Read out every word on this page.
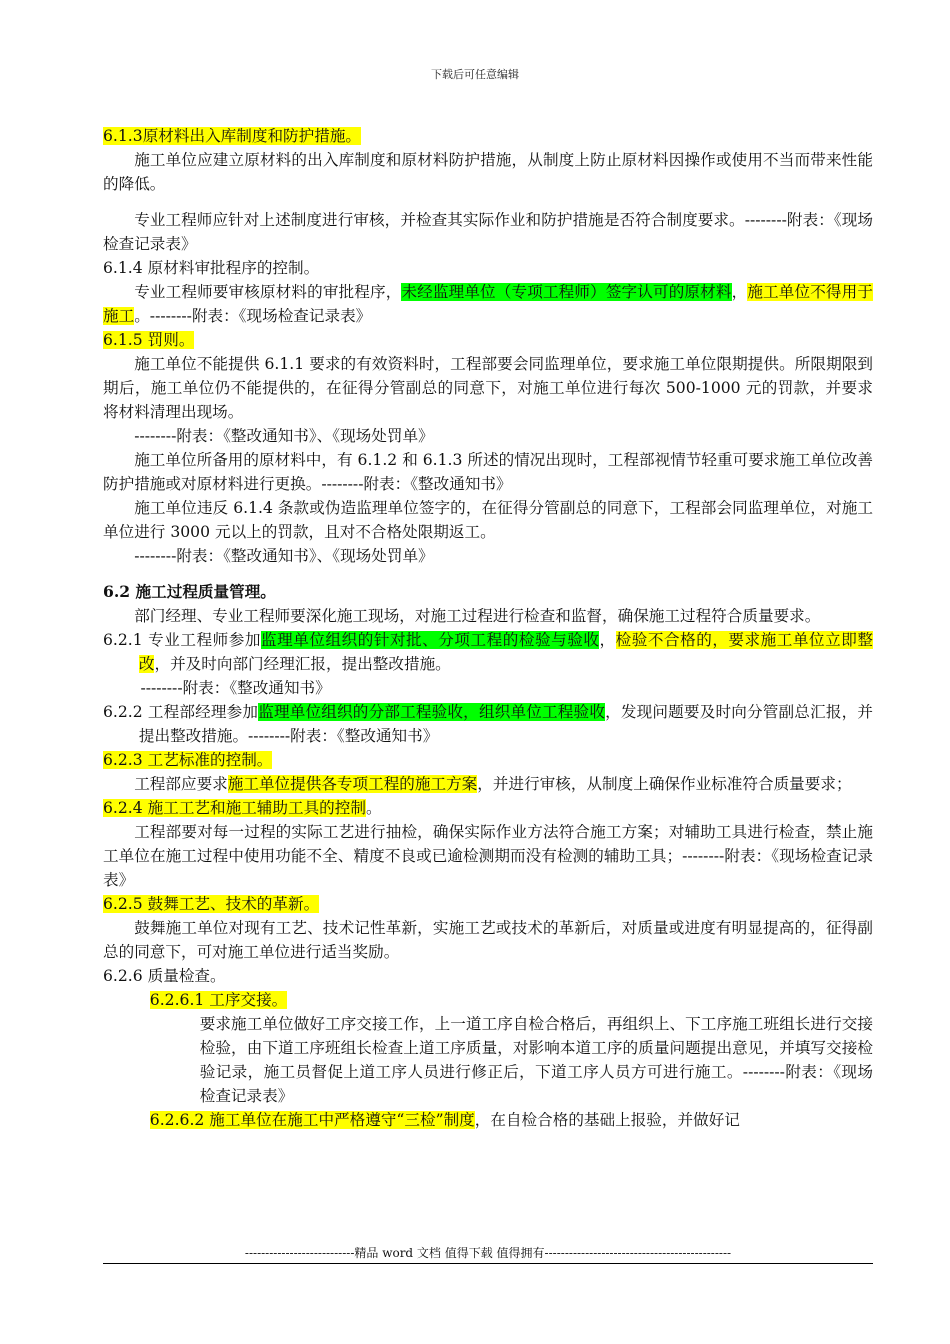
下载后可任意编辑

6.1.3原材料出入库制度和防护措施。

施工单位应建立原材料的出入库制度和原材料防护措施，从制度上防止原材料因操作或使用不当而带来性能的降低。

专业工程师应针对上述制度进行审核，并检查其实际作业和防护措施是否符合制度要求。--------附表：《现场检查记录表》

6.1.4 原材料审批程序的控制。

专业工程师要审核原材料的审批程序，未经监理单位（专项工程师）签字认可的原材料，施工单位不得用于施工。--------附表：《现场检查记录表》

6.1.5 罚则。

施工单位不能提供 6.1.1 要求的有效资料时，工程部要会同监理单位，要求施工单位限期提供。所限期限到期后，施工单位仍不能提供的，在征得分管副总的同意下，对施工单位进行每次 500-1000 元的罚款，并要求将材料清理出现场。

--------附表：《整改通知书》、《现场处罚单》

施工单位所备用的原材料中，有 6.1.2 和 6.1.3 所述的情况出现时，工程部视情节轻重可要求施工单位改善防护措施或对原材料进行更换。--------附表：《整改通知书》

施工单位违反 6.1.4 条款或伪造监理单位签字的，在征得分管副总的同意下，工程部会同监理单位，对施工单位进行 3000 元以上的罚款，且对不合格处限期返工。

--------附表：《整改通知书》、《现场处罚单》

6.2 施工过程质量管理。

部门经理、专业工程师要深化施工现场，对施工过程进行检查和监督，确保施工过程符合质量要求。

6.2.1 专业工程师参加监理单位组织的针对批、分项工程的检验与验收，检验不合格的，要求施工单位立即整改，并及时向部门经理汇报，提出整改措施。

--------附表：《整改通知书》

6.2.2 工程部经理参加监理单位组织的分部工程验收，组织单位工程验收，发现问题要及时向分管副总汇报，并提出整改措施。--------附表：《整改通知书》

6.2.3 工艺标准的控制。

工程部应要求施工单位提供各专项工程的施工方案，并进行审核，从制度上确保作业标准符合质量要求；

6.2.4 施工工艺和施工辅助工具的控制。

工程部要对每一过程的实际工艺进行抽检，确保实际作业方法符合施工方案；对辅助工具进行检查，禁止施工单位在施工过程中使用功能不全、精度不良或已逾检测期而没有检测的辅助工具；--------附表：《现场检查记录表》

6.2.5 鼓舞工艺、技术的革新。

鼓舞施工单位对现有工艺、技术记性革新，实施工艺或技术的革新后，对质量或进度有明显提高的，征得副总的同意下，可对施工单位进行适当奖励。

6.2.6 质量检查。

6.2.6.1 工序交接。

要求施工单位做好工序交接工作，上一道工序自检合格后，再组织上、下工序施工班组长进行交接检验，由下道工序班组长检查上道工序质量，对影响本道工序的质量问题提出意见，并填写交接检验记录，施工员督促上道工序人员进行修正后，下道工序人员方可进行施工。--------附表：《现场检查记录表》

6.2.6.2 施工单位在施工中严格遵守“三检”制度，在自检合格的基础上报验，并做好记

---------------------------精品 word 文档 值得下载 值得拥有----------------------------------------------
